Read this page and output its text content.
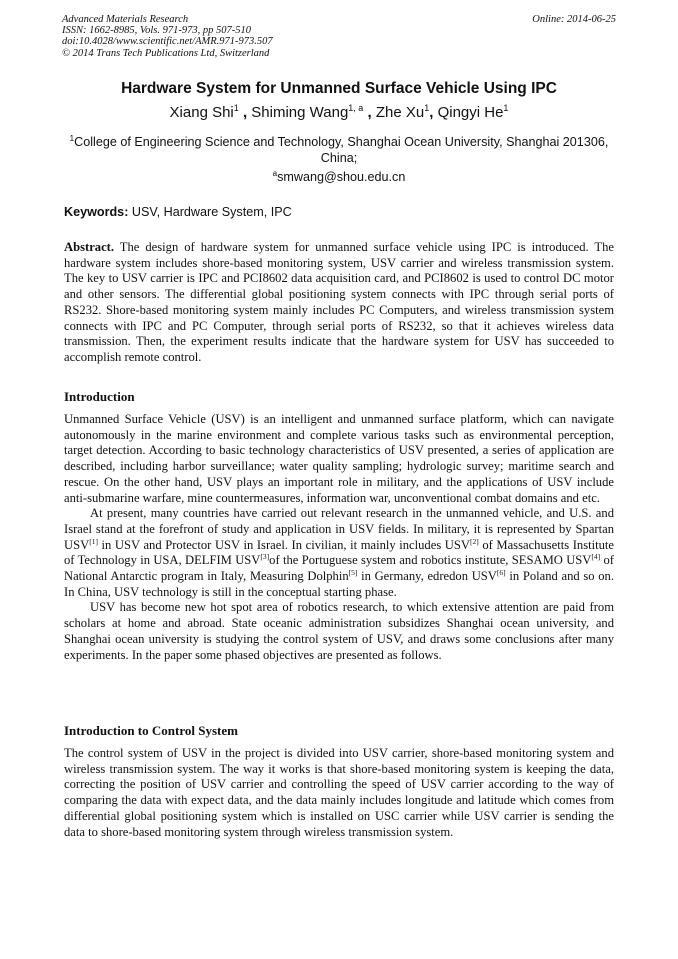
Advanced Materials Research
ISSN: 1662-8985, Vols. 971-973, pp 507-510
doi:10.4028/www.scientific.net/AMR.971-973.507
© 2014 Trans Tech Publications Ltd, Switzerland
Online: 2014-06-25
Hardware System for Unmanned Surface Vehicle Using IPC
Xiang Shi$^1$ , Shiming Wang$^{1, a}$ , Zhe Xu$^1$, Qingyi He$^1$
$^1$College of Engineering Science and Technology, Shanghai Ocean University, Shanghai 201306, China;
$^a$smwang@shou.edu.cn
Keywords: USV, Hardware System, IPC

Abstract. The design of hardware system for unmanned surface vehicle using IPC is introduced. The hardware system includes shore-based monitoring system, USV carrier and wireless transmission system. The key to USV carrier is IPC and PCI8602 data acquisition card, and PCI8602 is used to control DC motor and other sensors. The differential global positioning system connects with IPC through serial ports of RS232. Shore-based monitoring system mainly includes PC Computers, and wireless transmission system connects with IPC and PC Computer, through serial ports of RS232, so that it achieves wireless data transmission. Then, the experiment results indicate that the hardware system for USV has succeeded to accomplish remote control.

Introduction

Unmanned Surface Vehicle (USV) is an intelligent and unmanned surface platform, which can navigate autonomously in the marine environment and complete various tasks such as environmental perception, target detection. According to basic technology characteristics of USV presented, a series of application are described, including harbor surveillance; water quality sampling; hydrologic survey; maritime search and rescue. On the other hand, USV plays an important role in military, and the applications of USV include anti-submarine warfare, mine countermeasures, information war, unconventional combat domains and etc.

At present, many countries have carried out relevant research in the unmanned vehicle, and U.S. and Israel stand at the forefront of study and application in USV fields. In military, it is represented by Spartan USV[1] in USV and Protector USV in Israel. In civilian, it mainly includes USV[2] of Massachusetts Institute of Technology in USA, DELFIM USV[3]of the Portuguese system and robotics institute, SESAMO USV[4] of National Antarctic program in Italy, Measuring Dolphin[5] in Germany, edredon USV[6] in Poland and so on. In China, USV technology is still in the conceptual starting phase.

USV has become new hot spot area of robotics research, to which extensive attention are paid from scholars at home and abroad. State oceanic administration subsidizes Shanghai ocean university, and Shanghai ocean university is studying the control system of USV, and draws some conclusions after many experiments. In the paper some phased objectives are presented as follows.

Introduction to Control System

The control system of USV in the project is divided into USV carrier, shore-based monitoring system and wireless transmission system. The way it works is that shore-based monitoring system is keeping the data, correcting the position of USV carrier and controlling the speed of USV carrier according to the way of comparing the data with expect data, and the data mainly includes longitude and latitude which comes from differential global positioning system which is installed on USC carrier while USV carrier is sending the data to shore-based monitoring system through wireless transmission system.
